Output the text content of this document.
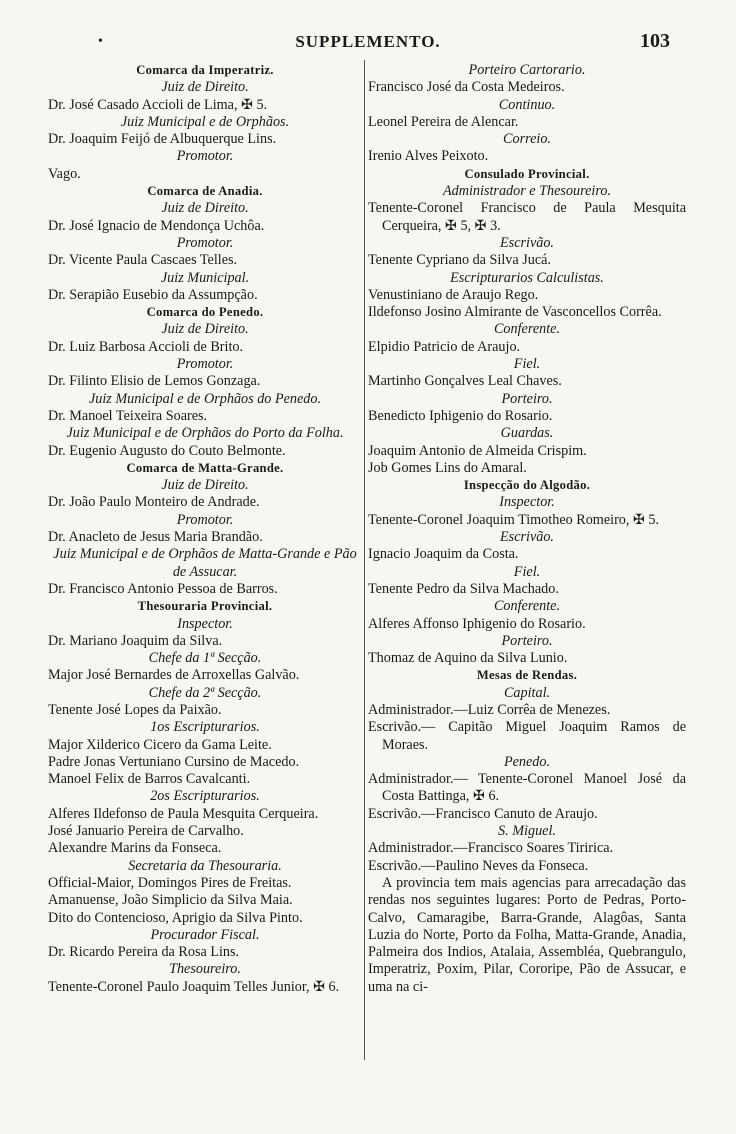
•	SUPPLEMENTO.	103
Comarca da Imperatriz.
Juiz de Direito.
Dr. José Casado Accioli de Lima, ✠ 5.
Juiz Municipal e de Orphãos.
Dr. Joaquim Feijó de Albuquerque Lins.
Promotor.
Vago.
Comarca de Anadia.
Juiz de Direito.
Dr. José Ignacio de Mendonça Uchôa.
Promotor.
Dr. Vicente Paula Cascaes Telles.
Juiz Municipal.
Dr. Serapião Eusebio da Assumpção.
Comarca do Penedo.
Juiz de Direito.
Dr. Luiz Barbosa Accioli de Brito.
Promotor.
Dr. Filinto Elisio de Lemos Gonzaga.
Juiz Municipal e de Orphãos do Penedo.
Dr. Manoel Teixeira Soares.
Juiz Municipal e de Orphãos do Porto da Folha.
Dr. Eugenio Augusto do Couto Belmonte.
Comarca de Matta-Grande.
Juiz de Direito.
Dr. João Paulo Monteiro de Andrade.
Promotor.
Dr. Anacleto de Jesus Maria Brandão.
Juiz Municipal e de Orphãos de Matta-Grande e Pão de Assucar.
Dr. Francisco Antonio Pessoa de Barros.
Thesouraria Provincial.
Inspector.
Dr. Mariano Joaquim da Silva.
Chefe da 1ª Secção.
Major José Bernardes de Arroxellas Galvão.
Chefe da 2ª Secção.
Tenente José Lopes da Paixão.
1os Escripturarios.
Major Xilderico Cicero da Gama Leite.
Padre Jonas Vertuniano Cursino de Macedo.
Manoel Felix de Barros Cavalcanti.
2os Escripturarios.
Alferes Ildefonso de Paula Mesquita Cerqueira.
José Januario Pereira de Carvalho.
Alexandre Marins da Fonseca.
Secretaria da Thesouraria.
Official-Maior, Domingos Pires de Freitas.
Amanuense, João Simplicio da Silva Maia.
Dito do Contencioso, Aprigio da Silva Pinto.
Procurador Fiscal.
Dr. Ricardo Pereira da Rosa Lins.
Thesoureiro.
Tenente-Coronel Paulo Joaquim Telles Junior, ✠ 6.
Porteiro Cartorario.
Francisco José da Costa Medeiros.
Continuo.
Leonel Pereira de Alencar.
Correio.
Irenio Alves Peixoto.
Consulado Provincial.
Administrador e Thesoureiro.
Tenente-Coronel Francisco de Paula Mesquita Cerqueira, ✠ 5, ✠ 3.
Escrivão.
Tenente Cypriano da Silva Jucá.
Escripturarios Calculistas.
Venustiniano de Araujo Rego.
Ildefonso Josino Almirante de Vasconcellos Corrêa.
Conferente.
Elpidio Patricio de Araujo.
Fiel.
Martinho Gonçalves Leal Chaves.
Porteiro.
Benedicto Iphigenio do Rosario.
Guardas.
Joaquim Antonio de Almeida Crispim.
Job Gomes Lins do Amaral.
Inspecção do Algodão.
Inspector.
Tenente-Coronel Joaquim Timotheo Romeiro, ✠ 5.
Escrivão.
Ignacio Joaquim da Costa.
Fiel.
Tenente Pedro da Silva Machado.
Conferente.
Alferes Affonso Iphigenio do Rosario.
Porteiro.
Thomaz de Aquino da Silva Lunio.
Mesas de Rendas.
Capital.
Administrador.—Luiz Corrêa de Menezes.
Escrivão.— Capitão Miguel Joaquim Ramos de Moraes.
Penedo.
Administrador.— Tenente-Coronel Manoel José da Costa Battinga, ✠ 6.
Escrivão.—Francisco Canuto de Araujo.
S. Miguel.
Administrador.—Francisco Soares Tiririca.
Escrivão.—Paulino Neves da Fonseca.
A provincia tem mais agencias para arrecadação das rendas nos seguintes lugares: Porto de Pedras, Porto-Calvo, Camaragibe, Barra-Grande, Alagôas, Santa Luzia do Norte, Porto da Folha, Matta-Grande, Anadia, Palmeira dos Indios, Atalaia, Assembléa, Quebrangulo, Imperatriz, Poxim, Pilar, Cororipe, Pão de Assucar, e uma na ci-
